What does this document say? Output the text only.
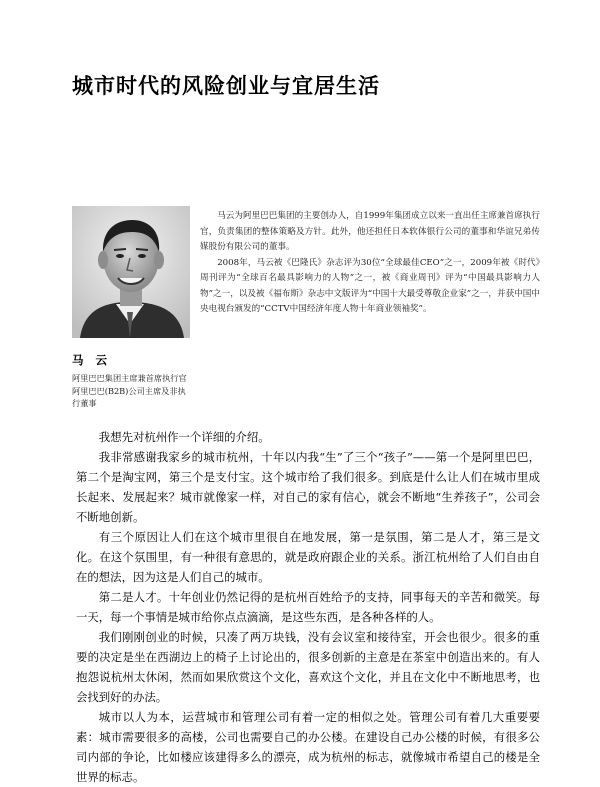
城市时代的风险创业与宜居生活

马云为阿里巴巴集团的主要创办人，自1999年集团成立以来一直出任主席兼首席执行官，负责集团的整体策略及方针。此外，他还担任日本软体银行公司的董事和华谊兄弟传媒股份有限公司的董事。

2008年，马云被《巴隆氏》杂志评为30位“全球最佳CEO”之一，2009年被《时代》周刊评为“全球百名最具影响力的人物”之一，被《商业周刊》评为“中国最具影响力人物”之一，以及被《福布斯》杂志中文版评为“中国十大最受尊敬企业家”之一，并获中国中央电视台颁发的“CCTV中国经济年度人物十年商业领袖奖”。

马云

阿里巴巴集团主席兼首席执行官

阿里巴巴(B2B)公司主席及非执

行董事

我想先对杭州作一个详细的介绍。

我非常感谢我家乡的城市杭州，十年以内我“生”了三个“孩子”——第一个是阿里巴巴，第二个是淘宝网，第三个是支付宝。这个城市给了我们很多。到底是什么让人们在城市里成长起来、发展起来？城市就像家一样，对自己的家有信心，就会不断地“生养孩子”，公司会不断地创新。

有三个原因让人们在这个城市里很自在地发展，第一是氛围，第二是人才，第三是文化。在这个氛围里，有一种很有意思的，就是政府跟企业的关系。浙江杭州给了人们自由自在的想法，因为这是人们自己的城市。

第二是人才。十年创业仍然记得的是杭州百姓给予的支持，同事每天的辛苦和微笑。每一天，每一个事情是城市给你点点滴滴，是这些东西，是各种各样的人。

我们刚刚创业的时候，只凑了两万块钱，没有会议室和接待室，开会也很少。很多的重要的决定是坐在西湖边上的椅子上讨论出的，很多创新的主意是在茶室中创造出来的。有人抱怨说杭州太休闲，然而如果欣赏这个文化，喜欢这个文化，并且在文化中不断地思考，也会找到好的办法。

城市以人为本，运营城市和管理公司有着一定的相似之处。管理公司有着几大重要要素：城市需要很多的高楼，公司也需要自己的办公楼。在建设自己办公楼的时候，有很多公司内部的争论，比如楼应该建得多么的漂亮，成为杭州的标志，就像城市希望自己的楼是全世界的标志。
